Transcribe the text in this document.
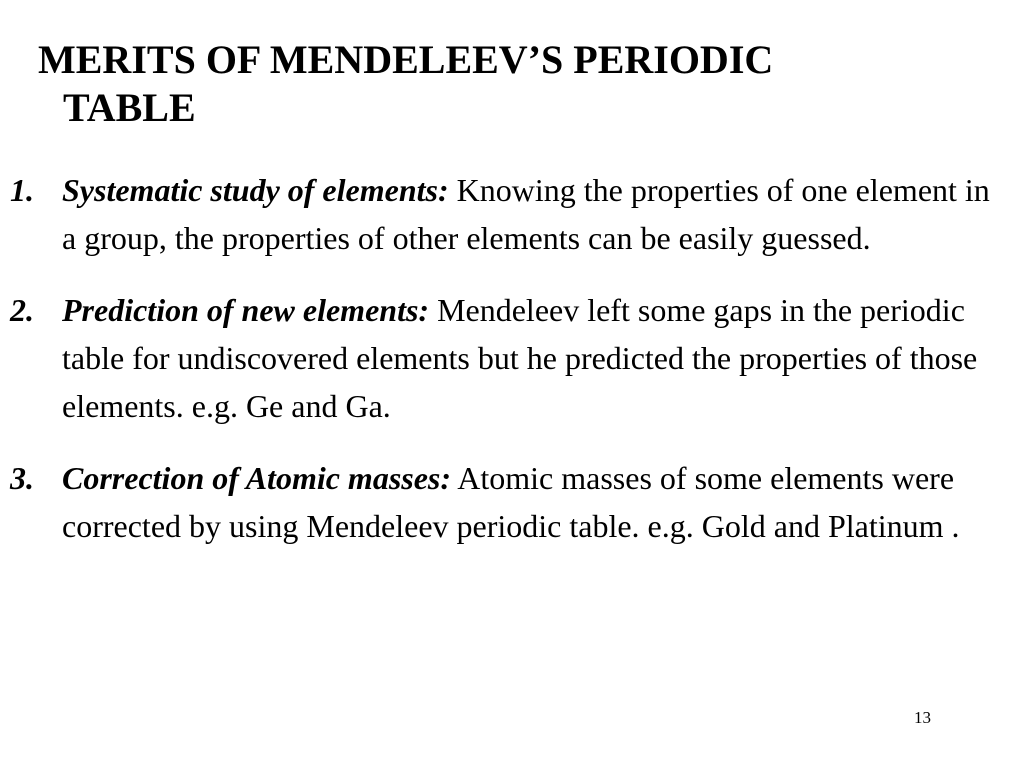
MERITS OF MENDELEEV’S PERIODIC
TABLE
1. Systematic study of elements: Knowing the properties of one element in a group, the properties of other elements can be easily guessed.
2. Prediction of new elements: Mendeleev left some gaps in the periodic table for undiscovered elements but he predicted the properties of those elements. e.g. Ge and Ga.
3. Correction of Atomic masses: Atomic masses of some elements were corrected by using Mendeleev periodic table. e.g. Gold and Platinum .
13
